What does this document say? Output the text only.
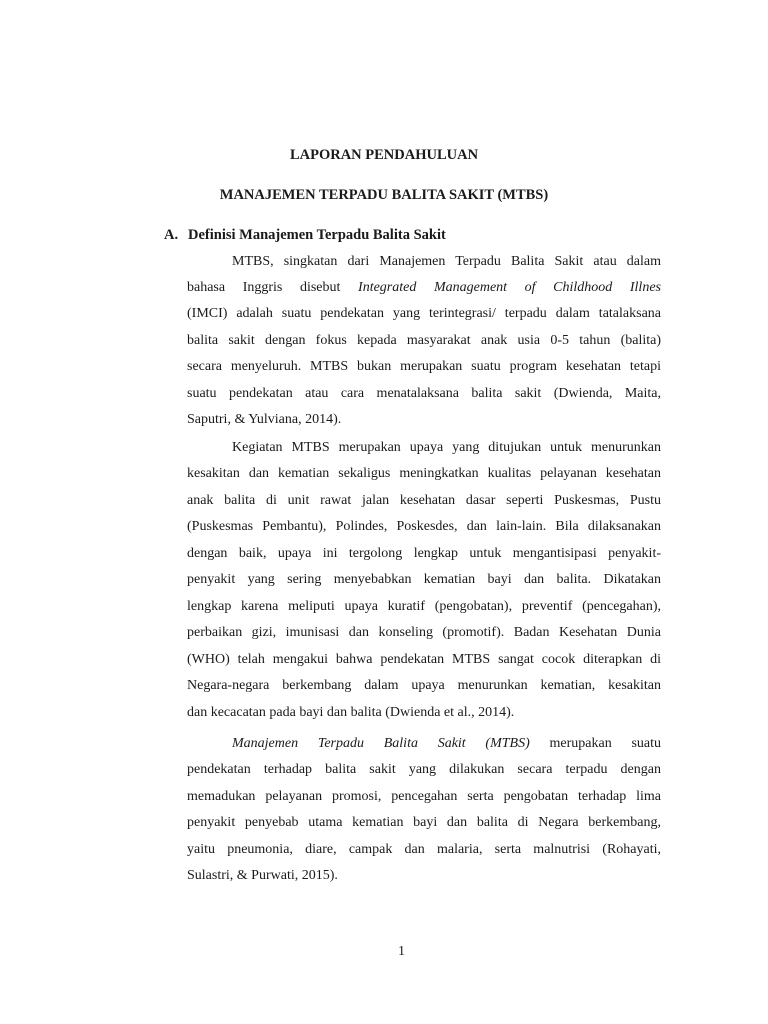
LAPORAN PENDAHULUAN
MANAJEMEN TERPADU BALITA SAKIT (MTBS)
A. Definisi Manajemen Terpadu Balita Sakit
MTBS, singkatan dari Manajemen Terpadu Balita Sakit atau dalam
bahasa Inggris disebut Integrated Management of Childhood Illnes
(IMCI) adalah suatu pendekatan yang terintegrasi/ terpadu dalam tatalaksana
balita sakit dengan fokus kepada masyarakat anak usia 0-5 tahun (balita)
secara menyeluruh. MTBS bukan merupakan suatu program kesehatan tetapi
suatu pendekatan atau cara menatalaksana balita sakit (Dwienda, Maita,
Saputri, & Yulviana, 2014).
Kegiatan MTBS merupakan upaya yang ditujukan untuk menurunkan
kesakitan dan kematian sekaligus meningkatkan kualitas pelayanan kesehatan
anak balita di unit rawat jalan kesehatan dasar seperti Puskesmas, Pustu
(Puskesmas Pembantu), Polindes, Poskesdes, dan lain-lain. Bila dilaksanakan
dengan baik, upaya ini tergolong lengkap untuk mengantisipasi penyakit-
penyakit yang sering menyebabkan kematian bayi dan balita. Dikatakan
lengkap karena meliputi upaya kuratif (pengobatan), preventif (pencegahan),
perbaikan gizi, imunisasi dan konseling (promotif). Badan Kesehatan Dunia
(WHO) telah mengakui bahwa pendekatan MTBS sangat cocok diterapkan di
Negara-negara berkembang dalam upaya menurunkan kematian, kesakitan
dan kecacatan pada bayi dan balita (Dwienda et al., 2014).
Manajemen Terpadu Balita Sakit (MTBS) merupakan suatu
pendekatan terhadap balita sakit yang dilakukan secara terpadu dengan
memadukan pelayanan promosi, pencegahan serta pengobatan terhadap lima
penyakit penyebab utama kematian bayi dan balita di Negara berkembang,
yaitu pneumonia, diare, campak dan malaria, serta malnutrisi (Rohayati,
Sulastri, & Purwati, 2015).
1
